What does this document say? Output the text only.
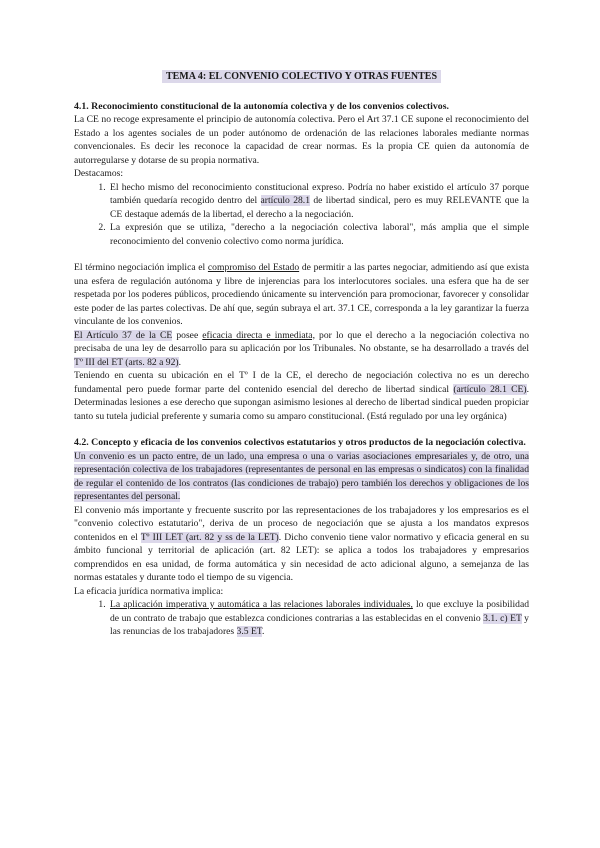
TEMA 4: EL CONVENIO COLECTIVO Y OTRAS FUENTES
4.1. Reconocimiento constitucional de la autonomía colectiva y de los convenios colectivos.

La CE no recoge expresamente el principio de autonomía colectiva. Pero el Art 37.1 CE supone el reconocimiento del Estado a los agentes sociales de un poder autónomo de ordenación de las relaciones laborales mediante normas convencionales. Es decir les reconoce la capacidad de crear normas. Es la propia CE quien da autonomía de autorregularse y dotarse de su propia normativa.

Destacamos:

1. El hecho mismo del reconocimiento constitucional expreso. Podría no haber existido el artículo 37 porque también quedaría recogido dentro del artículo 28.1 de libertad sindical, pero es muy RELEVANTE que la CE destaque además de la libertad, el derecho a la negociación.
2. La expresión que se utiliza, "derecho a la negociación colectiva laboral", más amplia que el simple reconocimiento del convenio colectivo como norma jurídica.

El término negociación implica el compromiso del Estado de permitir a las partes negociar, admitiendo así que exista una esfera de regulación autónoma y libre de injerencias para los interlocutores sociales. una esfera que ha de ser respetada por los poderes públicos, procediendo únicamente su intervención para promocionar, favorecer y consolidar este poder de las partes colectivas. De ahí que, según subraya el art. 37.1 CE, corresponda a la ley garantizar la fuerza vinculante de los convenios.

El Artículo 37 de la CE posee eficacia directa e inmediata, por lo que el derecho a la negociación colectiva no precisaba de una ley de desarrollo para su aplicación por los Tribunales. No obstante, se ha desarrollado a través del Tº III del ET (arts. 82 a 92).

Teniendo en cuenta su ubicación en el Tº I de la CE, el derecho de negociación colectiva no es un derecho fundamental pero puede formar parte del contenido esencial del derecho de libertad sindical (artículo 28.1 CE). Determinadas lesiones a ese derecho que supongan asimismo lesiones al derecho de libertad sindical pueden propiciar tanto su tutela judicial preferente y sumaria como su amparo constitucional. (Está regulado por una ley orgánica)

4.2. Concepto y eficacia de los convenios colectivos estatutarios y otros productos de la negociación colectiva.

Un convenio es un pacto entre, de un lado, una empresa o una o varias asociaciones empresariales y, de otro, una representación colectiva de los trabajadores (representantes de personal en las empresas o sindicatos) con la finalidad de regular el contenido de los contratos (las condiciones de trabajo) pero también los derechos y obligaciones de los representantes del personal.

El convenio más importante y frecuente suscrito por las representaciones de los trabajadores y los empresarios es el "convenio colectivo estatutario", deriva de un proceso de negociación que se ajusta a los mandatos expresos contenidos en el Tº III LET (art. 82 y ss de la LET). Dicho convenio tiene valor normativo y eficacia general en su ámbito funcional y territorial de aplicación (art. 82 LET): se aplica a todos los trabajadores y empresarios comprendidos en esa unidad, de forma automática y sin necesidad de acto adicional alguno, a semejanza de las normas estatales y durante todo el tiempo de su vigencia.

La eficacia jurídica normativa implica:

1. La aplicación imperativa y automática a las relaciones laborales individuales, lo que excluye la posibilidad de un contrato de trabajo que establezca condiciones contrarias a las establecidas en el convenio 3.1. c) ET y las renuncias de los trabajadores 3.5 ET.
